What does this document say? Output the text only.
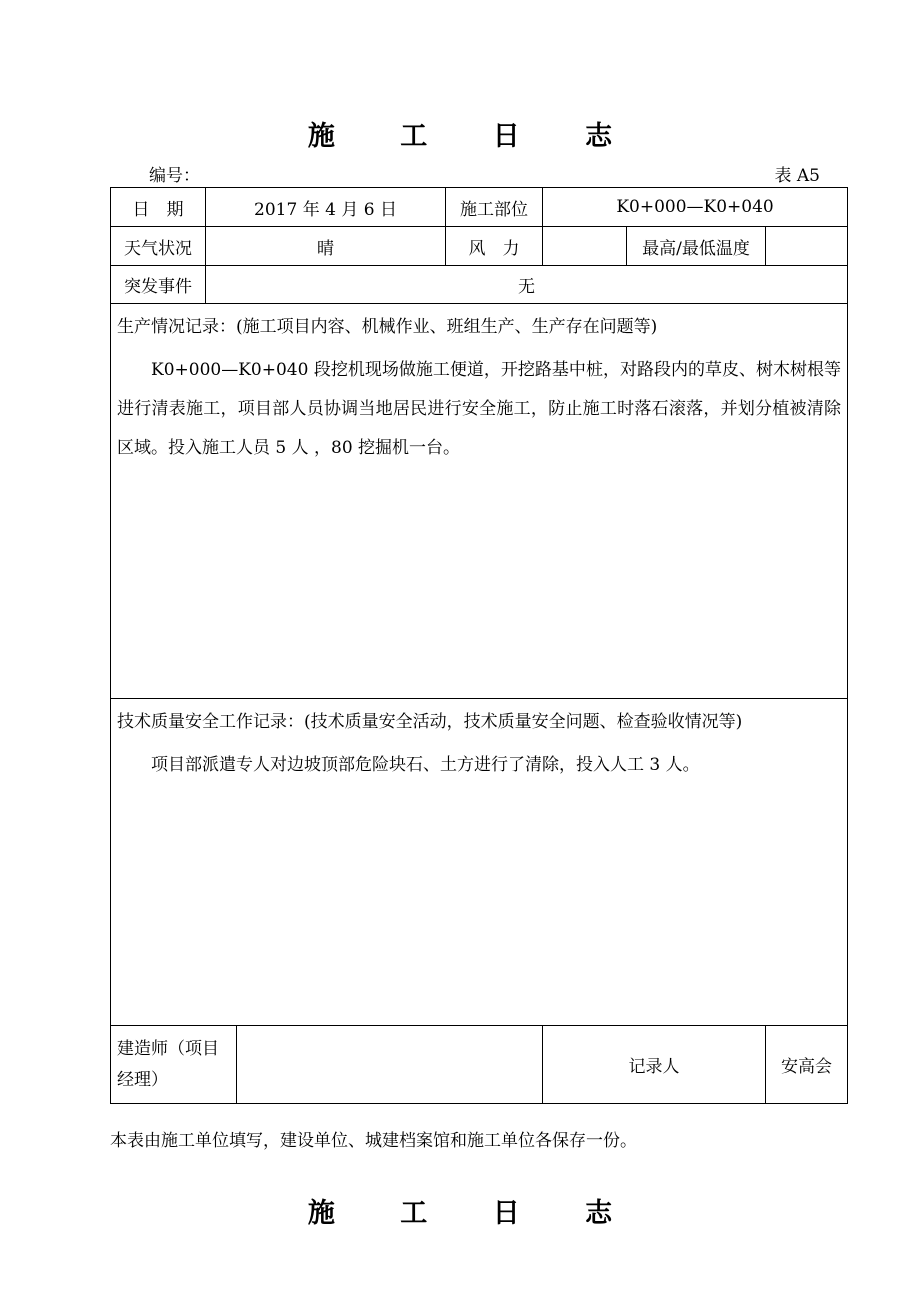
施 工 日 志
编号：	表 A5
日　期	2017 年 4 月 6 日		施工部位	K0+000—K0+040		
天气状况	晴		风　力		最高/最低温度	
突发事件	无					

生产情况记录：(施工项目内容、机械作业、班组生产、生产存在问题等)
K0+000—K0+040 段挖机现场做施工便道，开挖路基中桩，对路段内的草皮、树木树根等进行清表施工，项目部人员协调当地居民进行安全施工，防止施工时落石滚落，并划分植被清除区域。投入施工人员 5 人 ，80 挖掘机一台。						

技术质量安全工作记录：(技术质量安全活动，技术质量安全问题、检查验收情况等)
项目部派遣专人对边坡顶部危险块石、土方进行了清除，投入人工 3 人。						

建造师（项目
经理）				记录人		安高会
本表由施工单位填写，建设单位、城建档案馆和施工单位各保存一份。
施 工 日 志
